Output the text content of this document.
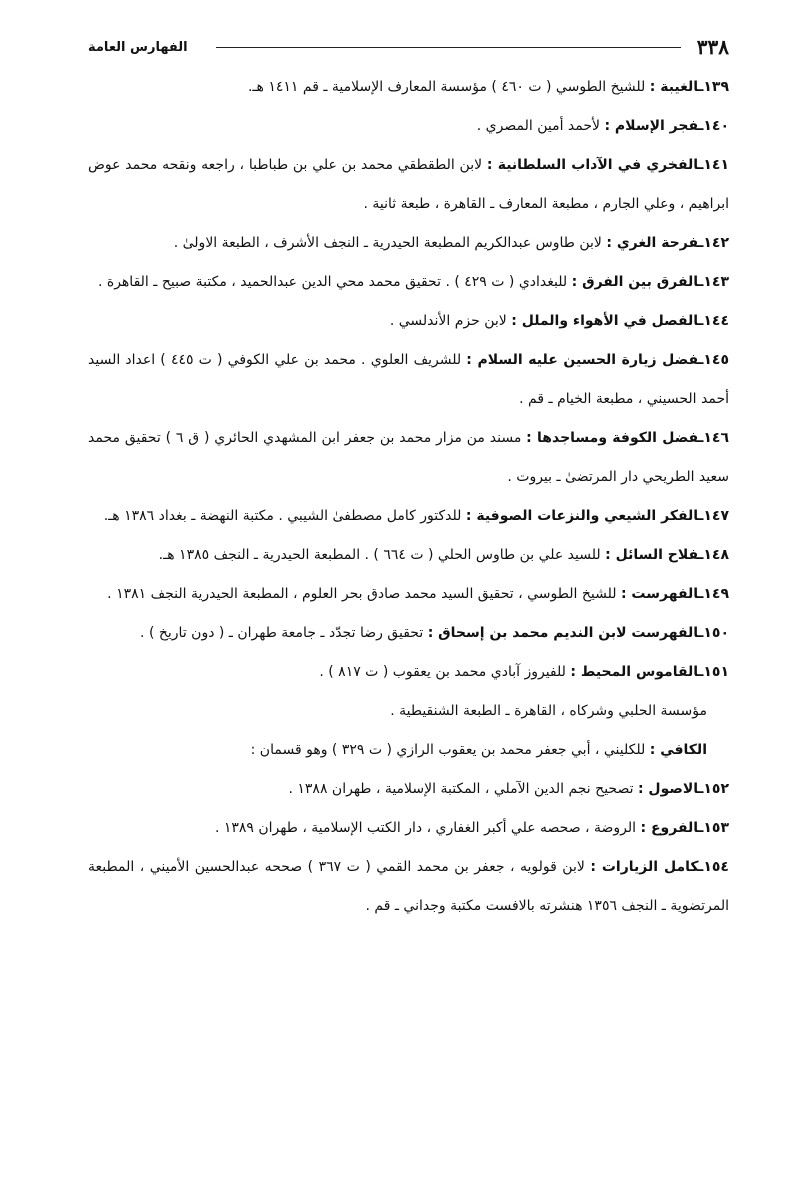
٣٣٨
الفهارس العامة

١٣٩ـالغيبة : للشيخ الطوسي ( ت ٤٦٠ ) مؤسسة المعارف الإسلامية ـ قم ١٤١١ هـ.

١٤٠ـفجر الإسلام : لأحمد أمين المصري .

١٤١ـالفخري في الآداب السلطانية : لابن الطقطقي محمد بن علي بن طباطبا ، راجعه ونقحه محمد عوض ابراهيم ، وعلي الجارم ، مطبعة المعارف ـ القاهرة ، طبعة ثانية .

١٤٢ـفرحة الغري : لابن طاوس عبدالكريم المطبعة الحيدرية ـ النجف الأشرف ، الطبعة الاولىٰ .

١٤٣ـالفرق بين الفرق : للبغدادي ( ت ٤٢٩ ) . تحقيق محمد محي الدين عبدالحميد ، مكتبة صبيح ـ القاهرة .

١٤٤ـالفصل في الأهواء والملل : لابن حزم الأندلسي .

١٤٥ـفضل زيارة الحسين عليه السلام : للشريف العلوي . محمد بن علي الكوفي ( ت ٤٤٥ ) اعداد السيد أحمد الحسيني ، مطبعة الخيام ـ قم .

١٤٦ـفضل الكوفة ومساجدها : مسند من مزار محمد بن جعفر ابن المشهدي الحائري ( ق ٦ ) تحقيق محمد سعيد الطريحي دار المرتضىٰ ـ بيروت .

١٤٧ـالفكر الشيعي والنزعات الصوفية : للدكتور كامل مصطفىٰ الشيبي . مكتبة النهضة ـ بغداد ١٣٨٦ هـ.

١٤٨ـفلاح السائل : للسيد علي بن طاوس الحلي ( ت ٦٦٤ ) . المطبعة الحيدرية ـ النجف ١٣٨٥ هـ.

١٤٩ـالفهرست : للشيخ الطوسي ، تحقيق السيد محمد صادق بحر العلوم ، المطبعة الحيدرية النجف ١٣٨١ .

١٥٠ـالفهرست لابن النديم محمد بن إسحاق : تحقيق رضا تجدّد ـ جامعة طهران ـ ( دون تاريخ ) .

١٥١ـالقاموس المحيط : للفيروز آبادي محمد بن يعقوب ( ت ٨١٧ ) .

مؤسسة الحلبي وشركاه ، القاهرة ـ الطبعة الشنقيطية .

الكافي : للكليني ، أبي جعفر محمد بن يعقوب الرازي ( ت ٣٢٩ ) وهو قسمان :

١٥٢ـالاصول : تصحيح نجم الدين الآملي ، المكتبة الإسلامية ، طهران ١٣٨٨ .

١٥٣ـالفروع : الروضة ، صحصه علي أكبر الغفاري ، دار الكتب الإسلامية ، طهران ١٣٨٩ .

١٥٤ـكامل الزيارات : لابن قولويه ، جعفر بن محمد القمي ( ت ٣٦٧ ) صححه عبدالحسين الأميني ، المطبعة المرتضوية ـ النجف ١٣٥٦ هنشرته بالافست مكتبة وجداني ـ قم .
